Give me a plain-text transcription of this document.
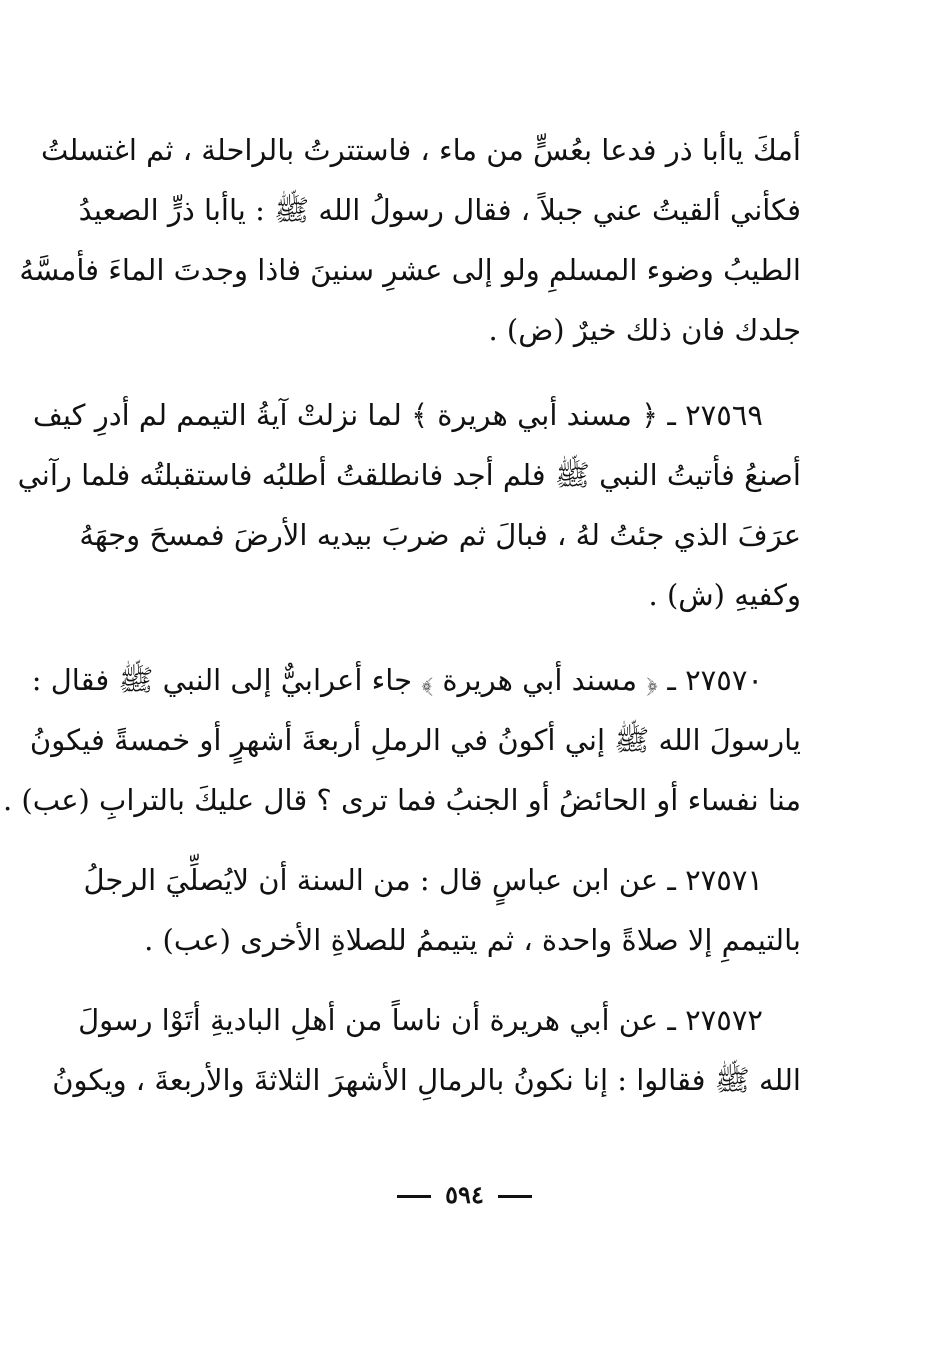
أمكَ ياأبا ذر فدعا بعُسٍّ من ماء ، فاستترتُ بالراحلة ، ثم اغتسلتُ
فكأني ألقيتُ عني جبلاً ، فقال رسولُ الله ﷺ : ياأبا ذرٍّ الصعيدُ
الطيبُ وضوء المسلمِ ولو إلى عشرِ سنينَ فاذا وجدتَ الماءَ فأمسَّهُ
جلدك فان ذلك خيرٌ (ض) .
٢٧٥٦٩ ـ ﴿ مسند أبي هريرة ﴾ لما نزلتْ آيةُ التيمم لم أدرِ كيف
أصنعُ فأتيتُ النبي ﷺ فلم أجد فانطلقتُ أطلبُه فاستقبلتُه فلما رآني
عرَفَ الذي جئتُ لهُ ، فبالَ ثم ضربَ بيديه الأرضَ فمسحَ وجهَهُ
وكفيهِ (ش) .
٢٧٥٧٠ ـ ﴿ مسند أبي هريرة ﴾ جاء أعرابيٌّ إلى النبي ﷺ فقال :
يارسولَ الله ﷺ إني أكونُ في الرملِ أربعةَ أشهرٍ أو خمسةً فيكونُ
منا نفساء أو الحائضُ أو الجنبُ فما ترى ؟ قال عليكَ بالترابِ (عب) .
٢٧٥٧١ ـ عن ابن عباسٍ قال : من السنة أن لايُصلِّيَ الرجلُ
بالتيممِ إلا صلاةً واحدة ، ثم يتيممُ للصلاةِ الأخرى (عب) .
٢٧٥٧٢ ـ عن أبي هريرة أن ناساً من أهلِ الباديةِ أتَوْا رسولَ
الله ﷺ فقالوا : إنا نكونُ بالرمالِ الأشهرَ الثلاثةَ والأربعةَ ، ويكونُ
٥٩٤
